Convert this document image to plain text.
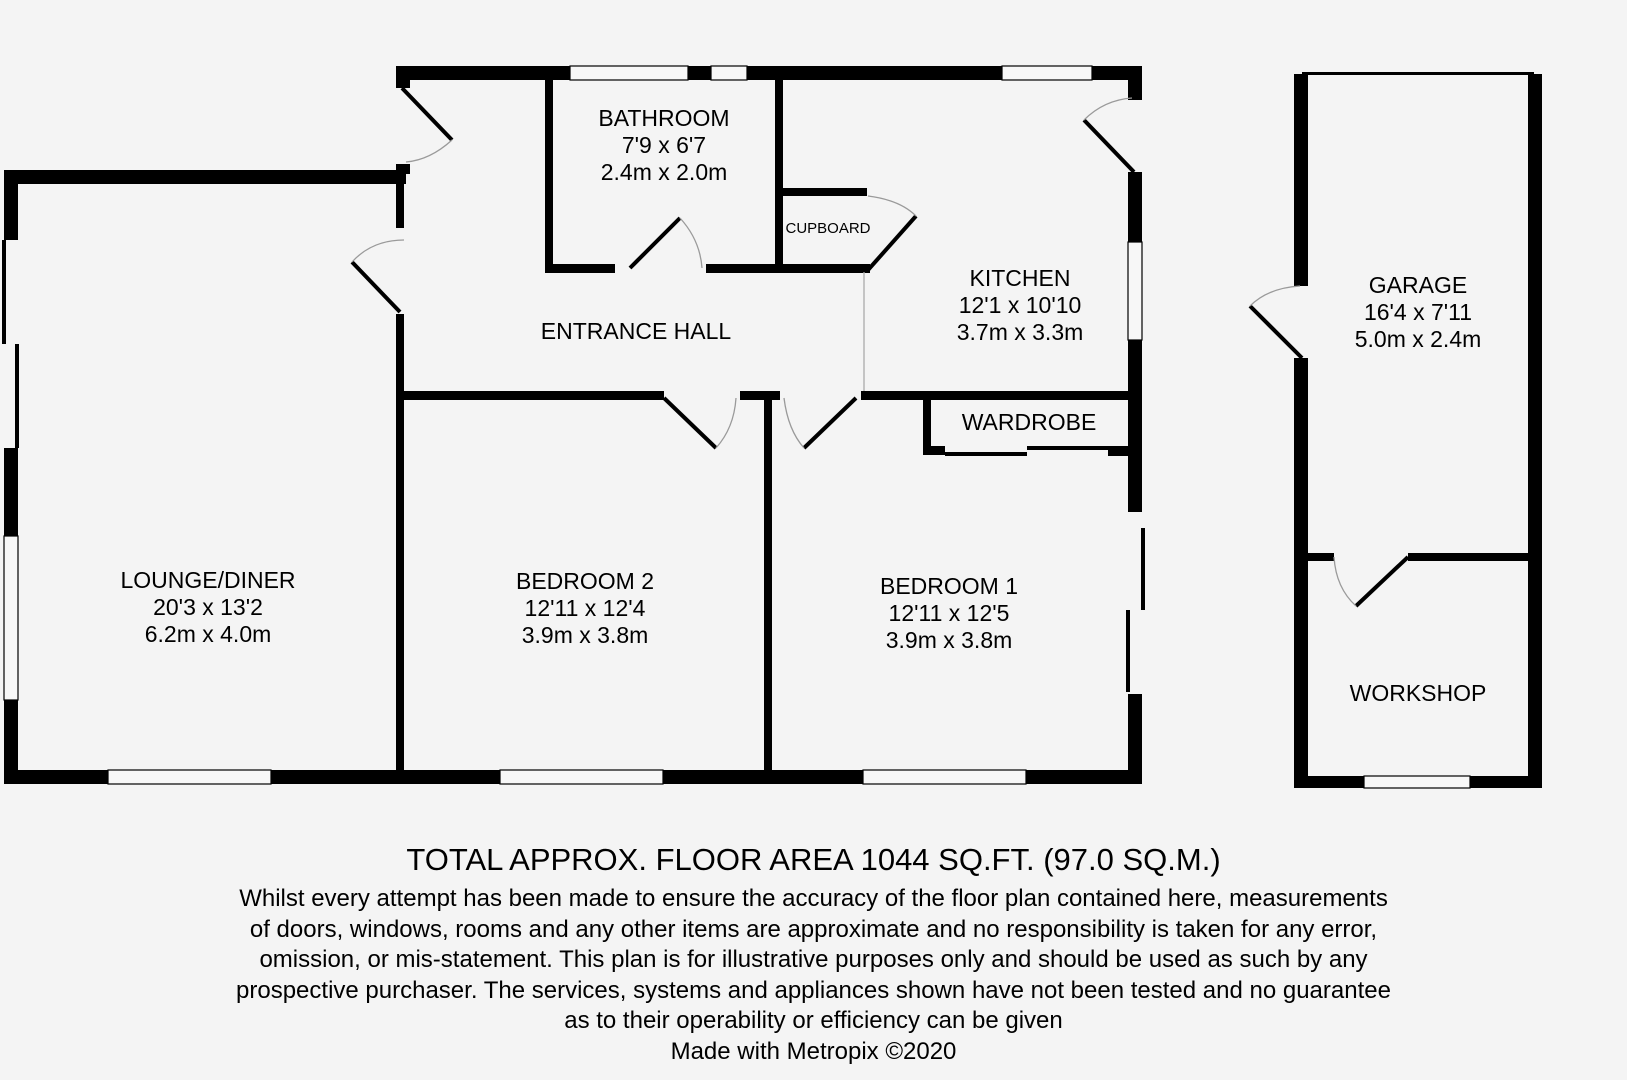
BATHROOM
7'9 x 6'7
2.4m x 2.0m
CUPBOARD
KITCHEN
12'1 x 10'10
3.7m x 3.3m
ENTRANCE HALL
WARDROBE
LOUNGE/DINER
20'3 x 13'2
6.2m x 4.0m
BEDROOM 2
12'11 x 12'4
3.9m x 3.8m
BEDROOM 1
12'11 x 12'5
3.9m x 3.8m
GARAGE
16'4 x 7'11
5.0m x 2.4m
WORKSHOP
TOTAL APPROX. FLOOR AREA 1044 SQ.FT. (97.0 SQ.M.)
Whilst every attempt has been made to ensure the accuracy of the floor plan contained here, measurements
of doors, windows, rooms and any other items are approximate and no responsibility is taken for any error,
omission, or mis-statement. This plan is for illustrative purposes only and should be used as such by any
prospective purchaser. The services, systems and appliances shown have not been tested and no guarantee
as to their operability or efficiency can be given
Made with Metropix ©2020
